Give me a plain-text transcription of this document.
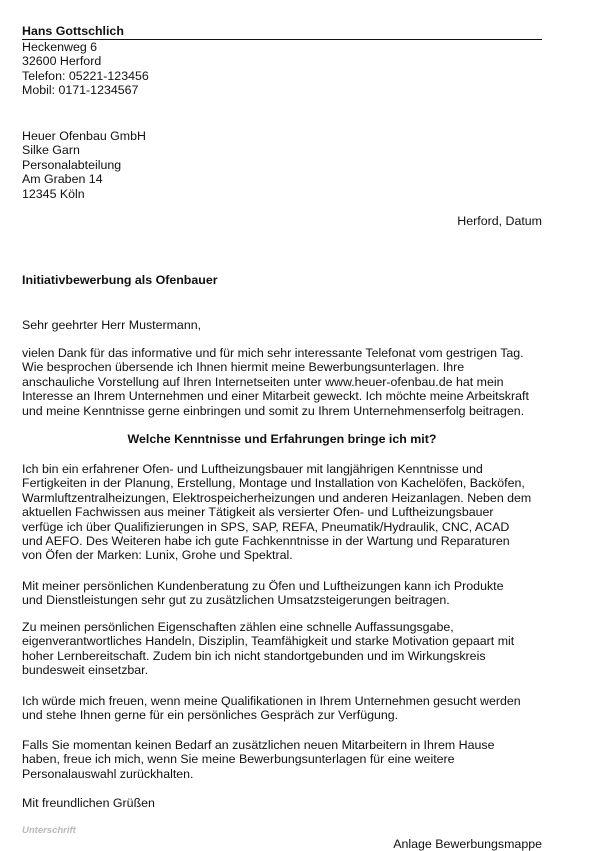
Hans Gottschlich
Heckenweg 6
32600 Herford
Telefon: 05221-123456
Mobil: 0171-1234567
Heuer Ofenbau GmbH
Silke Garn
Personalabteilung
Am Graben 14
12345 Köln
Herford, Datum
Initiativbewerbung als Ofenbauer
Sehr geehrter Herr Mustermann,
vielen Dank für das informative und für mich sehr interessante Telefonat vom gestrigen Tag.
Wie besprochen übersende ich Ihnen hiermit meine Bewerbungsunterlagen. Ihre
anschauliche Vorstellung auf Ihren Internetseiten unter www.heuer-ofenbau.de hat mein
Interesse an Ihrem Unternehmen und einer Mitarbeit geweckt. Ich möchte meine Arbeitskraft
und meine Kenntnisse gerne einbringen und somit zu Ihrem Unternehmenserfolg beitragen.
Welche Kenntnisse und Erfahrungen bringe ich mit?
Ich bin ein erfahrener Ofen- und Luftheizungsbauer mit langjährigen Kenntnisse und
Fertigkeiten in der Planung, Erstellung, Montage und Installation von Kachelöfen, Backöfen,
Warmluftzentralheizungen, Elektrospeicherheizungen und anderen Heizanlagen. Neben dem
aktuellen Fachwissen aus meiner Tätigkeit als versierter Ofen- und Luftheizungsbauer
verfüge ich über Qualifizierungen in SPS, SAP, REFA, Pneumatik/Hydraulik, CNC, ACAD
und AEFO. Des Weiteren habe ich gute Fachkenntnisse in der Wartung und Reparaturen
von Öfen der Marken: Lunix, Grohe und Spektral.
Mit meiner persönlichen Kundenberatung zu Öfen und Luftheizungen kann ich Produkte
und Dienstleistungen sehr gut zu zusätzlichen Umsatzsteigerungen beitragen.
Zu meinen persönlichen Eigenschaften zählen eine schnelle Auffassungsgabe,
eigenverantwortliches Handeln, Disziplin, Teamfähigkeit und starke Motivation gepaart mit
hoher Lernbereitschaft. Zudem bin ich nicht standortgebunden und im Wirkungskreis
bundesweit einsetzbar.
Ich würde mich freuen, wenn meine Qualifikationen in Ihrem Unternehmen gesucht werden
und stehe Ihnen gerne für ein persönliches Gespräch zur Verfügung.
Falls Sie momentan keinen Bedarf an zusätzlichen neuen Mitarbeitern in Ihrem Hause
haben, freue ich mich, wenn Sie meine Bewerbungsunterlagen für eine weitere
Personalauswahl zurückhalten.
Mit freundlichen Grüßen
Unterschrift
Anlage Bewerbungsmappe
